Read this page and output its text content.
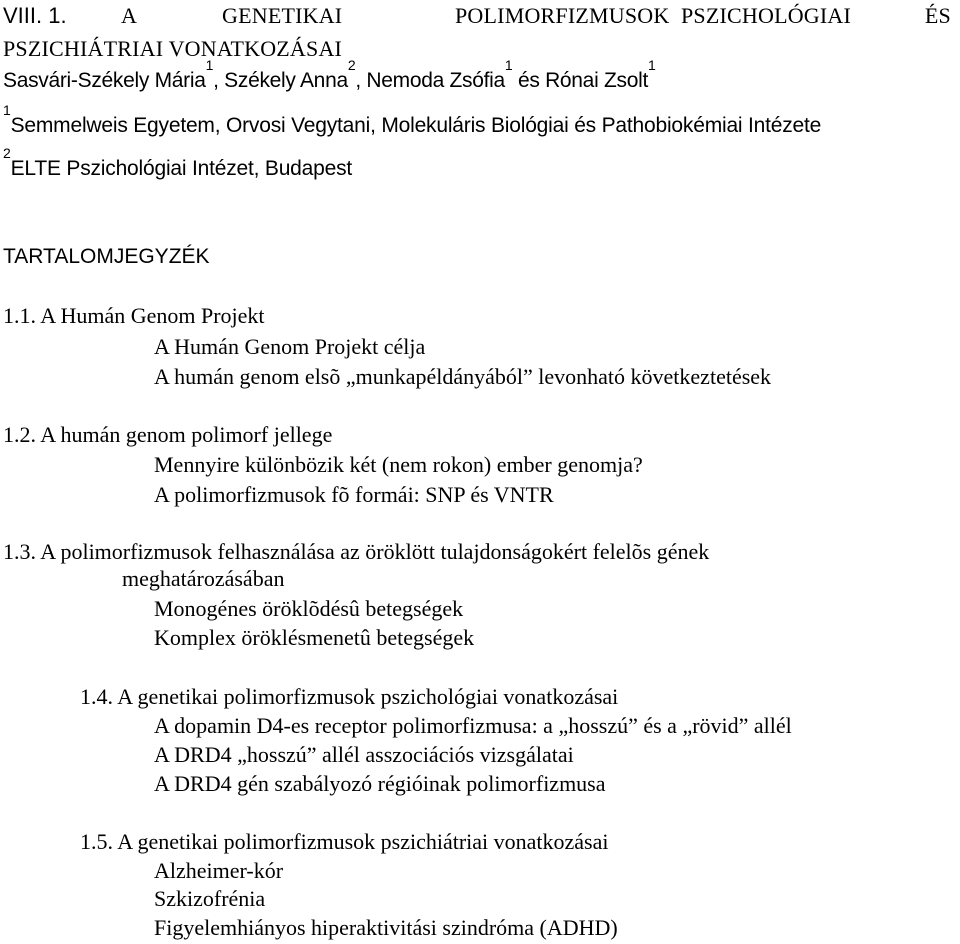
VIII. 1. A	GENETIKAI	POLIMORFIZMUSOK PSZICHOLÓGIAI	ÉS
PSZICHIÁTRIAI VONATKOZÁSAI
Sasvári-Székely Mária$^1$, Székely Anna$^2$, Nemoda Zsófia$^1$ és Rónai Zsolt$^1$
$^1$Semmelweis Egyetem, Orvosi Vegytani, Molekuláris Biológiai és Pathobiokémiai Intézete
$^2$ELTE Pszichológiai Intézet, Budapest
TARTALOMJEGYZÉK
1.1. A Humán Genom Projekt
A Humán Genom Projekt célja
A humán genom elsõ „munkapéldányából” levonható következtetések
1.2. A humán genom polimorf jellege
Mennyire különbözik két (nem rokon) ember genomja?
A polimorfizmusok fõ formái: SNP és VNTR
1.3. A polimorfizmusok felhasználása az öröklött tulajdonságokért felelõs gének
meghatározásában
Monogénes öröklõdésû betegségek
Komplex öröklésmenetû betegségek
1.4. A genetikai polimorfizmusok pszichológiai vonatkozásai
A dopamin D4-es receptor polimorfizmusa: a „hosszú” és a „rövid” allél
A DRD4 „hosszú” allél asszociációs vizsgálatai
A DRD4 gén szabályozó régióinak polimorfizmusa
1.5. A genetikai polimorfizmusok pszichiátriai vonatkozásai
Alzheimer-kór
Szkizofrénia
Figyelemhiányos hiperaktivitási szindróma (ADHD)
